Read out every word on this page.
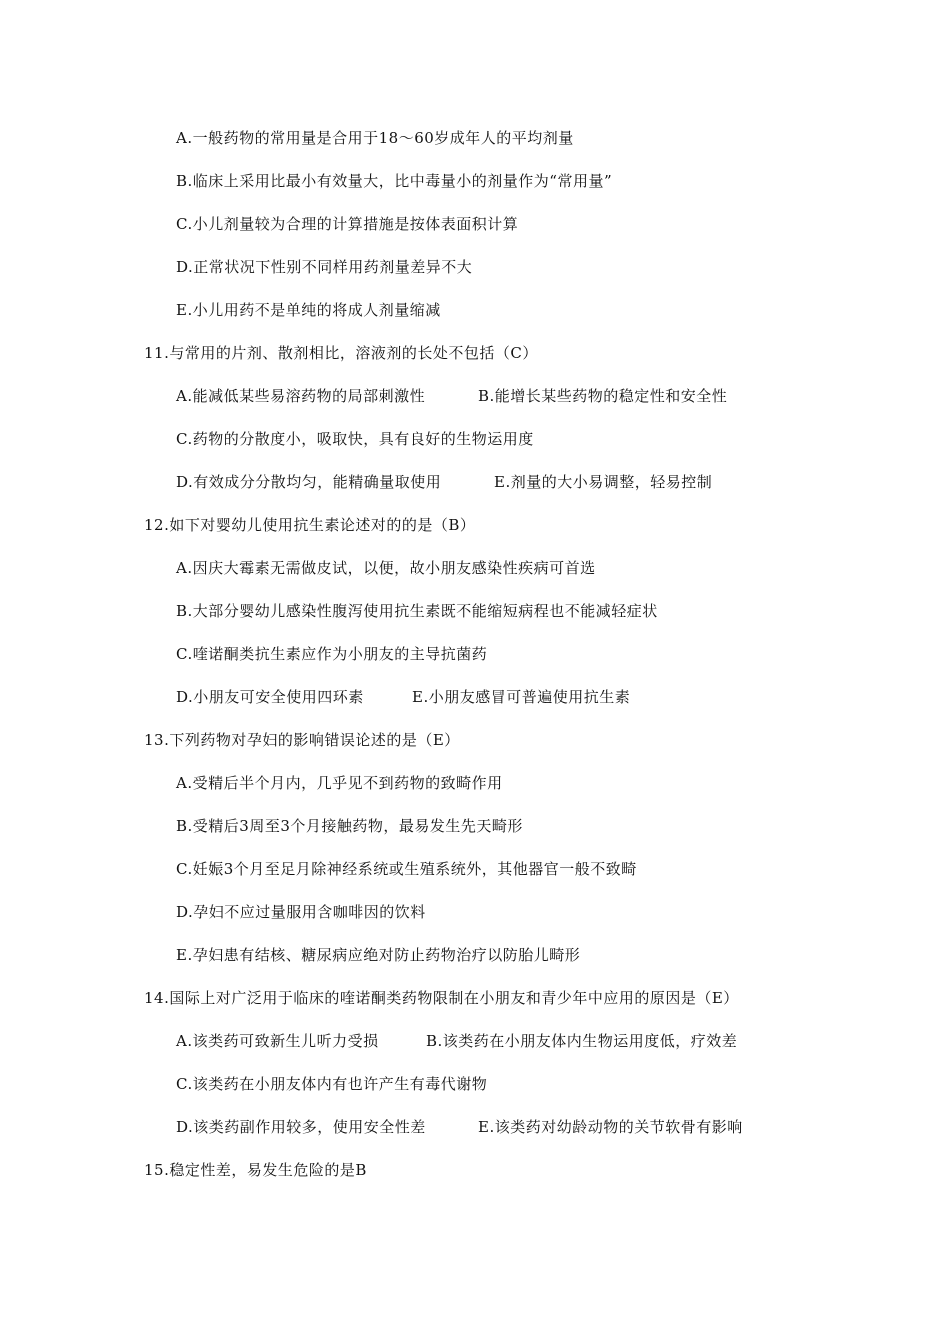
A.一般药物的常用量是合用于18～60岁成年人的平均剂量
B.临床上采用比最小有效量大，比中毒量小的剂量作为“常用量”
C.小儿剂量较为合理的计算措施是按体表面积计算
D.正常状况下性别不同样用药剂量差异不大
E.小儿用药不是单纯的将成人剂量缩减
11.与常用的片剂、散剂相比，溶液剂的长处不包括（C）
A.能减低某些易溶药物的局部刺激性	B.能增长某些药物的稳定性和安全性
C.药物的分散度小，吸取快，具有良好的生物运用度
D.有效成分分散均匀，能精确量取使用	E.剂量的大小易调整，轻易控制
12.如下对婴幼儿使用抗生素论述对的的是（B）
A.因庆大霉素无需做皮试，以便，故小朋友感染性疾病可首选
B.大部分婴幼儿感染性腹泻使用抗生素既不能缩短病程也不能减轻症状
C.喹诺酮类抗生素应作为小朋友的主导抗菌药
D.小朋友可安全使用四环素	E.小朋友感冒可普遍使用抗生素
13.下列药物对孕妇的影响错误论述的是（E）
A.受精后半个月内，几乎见不到药物的致畸作用
B.受精后3周至3个月接触药物，最易发生先天畸形
C.妊娠3个月至足月除神经系统或生殖系统外，其他器官一般不致畸
D.孕妇不应过量服用含咖啡因的饮料
E.孕妇患有结核、糖尿病应绝对防止药物治疗以防胎儿畸形
14.国际上对广泛用于临床的喹诺酮类药物限制在小朋友和青少年中应用的原因是（E）
A.该类药可致新生儿听力受损	B.该类药在小朋友体内生物运用度低，疗效差
C.该类药在小朋友体内有也许产生有毒代谢物
D.该类药副作用较多，使用安全性差	E.该类药对幼龄动物的关节软骨有影响
15.稳定性差，易发生危险的是B
